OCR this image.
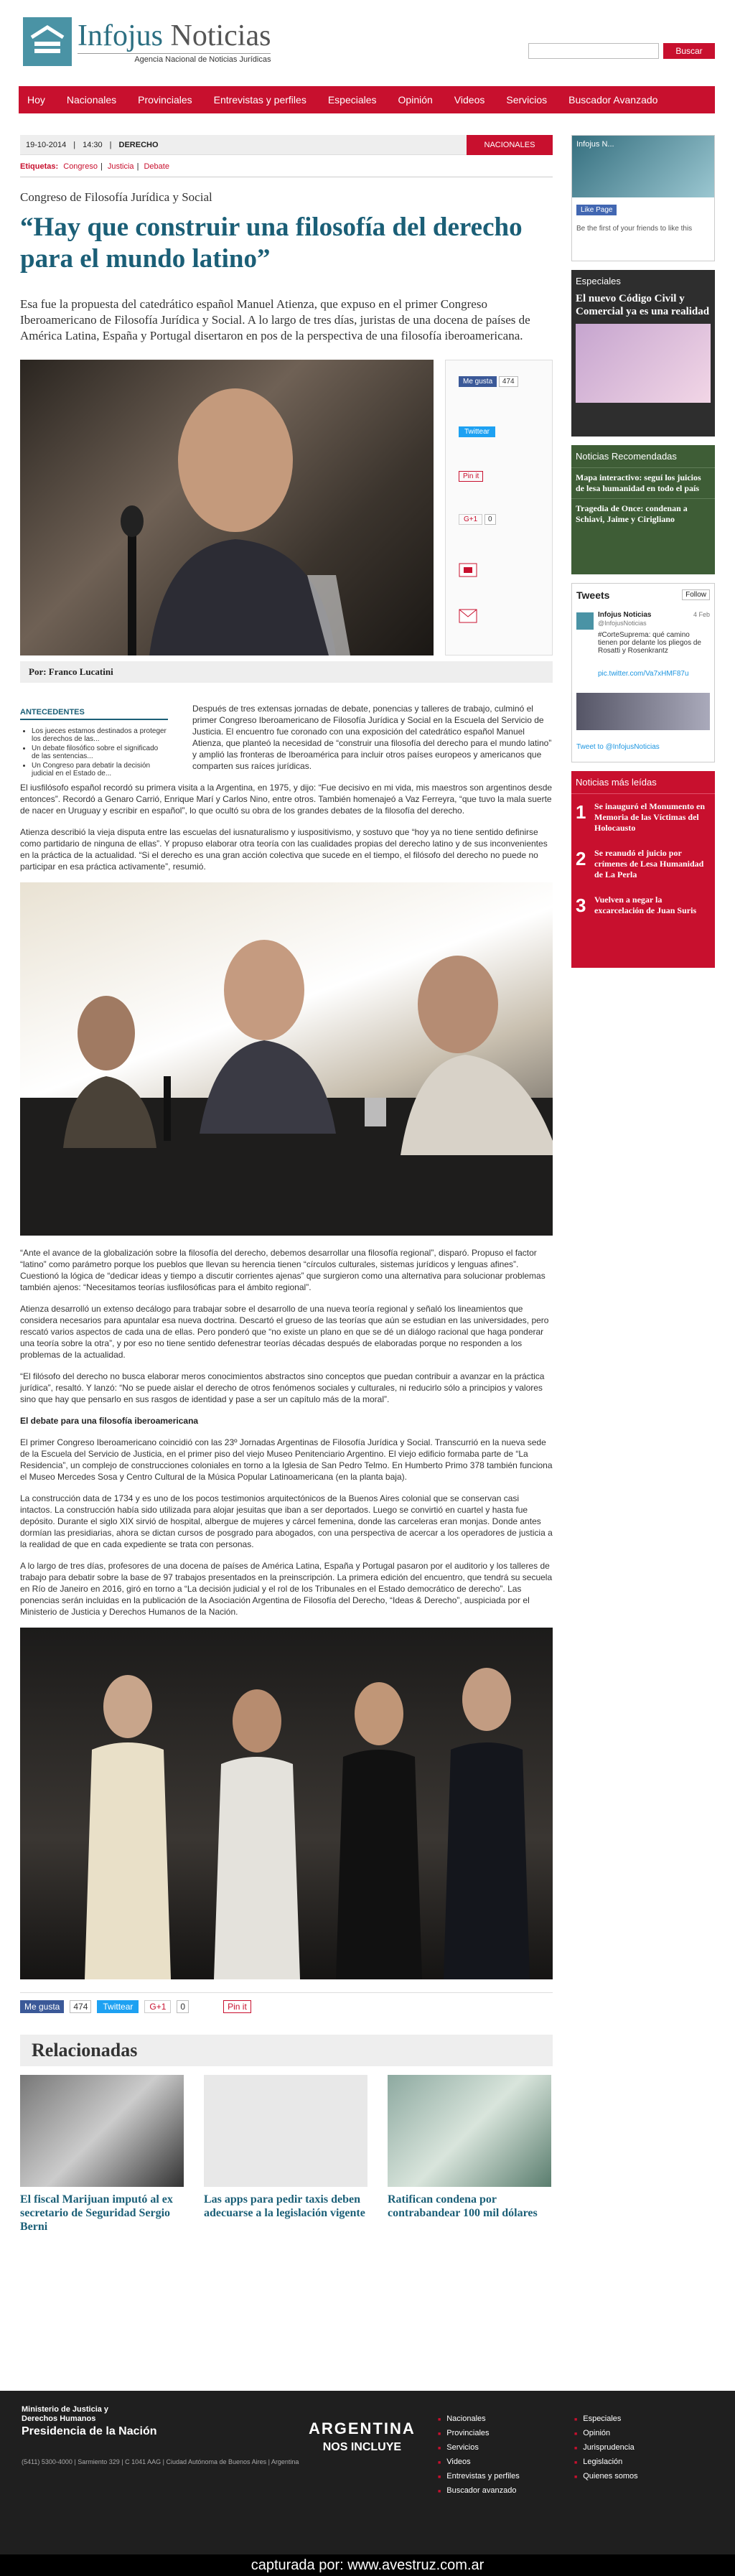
Infojus Noticias
Agencia Nacional de Noticias Jurídicas
Buscar
Hoy Nacionales Provinciales Entrevistas y perfiles Especiales Opinión Videos Servicios Buscador Avanzado
19-10-2014 | 14:30 | DERECHO	NACIONALES
Etiquetas: Congreso | Justicia | Debate
Congreso de Filosofía Jurídica y Social
“Hay que construir una filosofía del derecho para el mundo latino”

Esa fue la propuesta del catedrático español Manuel Atienza, que expuso en el primer Congreso Iberoamericano de Filosofía Jurídica y Social. A lo largo de tres días, juristas de una docena de países de América Latina, España y Portugal disertaron en pos de la perspectiva de una filosofía iberoamericana.

Me gusta 474
Twittear
Pin it
G+1 0
Por: Franco Lucatini
ANTECEDENTES
• Los jueces estamos destinados a proteger los derechos de las...
• Un debate filosófico sobre el significado de las sentencias...
• Un Congreso para debatir la decisión judicial en el Estado de...

Después de tres extensas jornadas de debate, ponencias y talleres de trabajo, culminó el primer Congreso Iberoamericano de Filosofía Jurídica y Social en la Escuela del Servicio de Justicia. El encuentro fue coronado con una exposición del catedrático español Manuel Atienza, que planteó la necesidad de “construir una filosofía del derecho para el mundo latino” y amplió las fronteras de Iberoamérica para incluir otros países europeos y americanos que comparten sus raíces jurídicas.

El iusfilósofo español recordó su primera visita a la Argentina, en 1975, y dijo: “Fue decisivo en mi vida, mis maestros son argentinos desde entonces”. Recordó a Genaro Carrió, Enrique Marí y Carlos Nino, entre otros. También homenajeó a Vaz Ferreyra, “que tuvo la mala suerte de nacer en Uruguay y escribir en español”, lo que ocultó su obra de los grandes debates de la filosofía del derecho.

Atienza describió la vieja disputa entre las escuelas del iusnaturalismo y iuspositivismo, y sostuvo que “hoy ya no tiene sentido definirse como partidario de ninguna de ellas”. Y propuso elaborar otra teoría con las cualidades propias del derecho latino y de sus inconvenientes en la práctica de la actualidad. “Si el derecho es una gran acción colectiva que sucede en el tiempo, el filósofo del derecho no puede no participar en esa práctica activamente”, resumió.

“Ante el avance de la globalización sobre la filosofía del derecho, debemos desarrollar una filosofía regional”, disparó. Propuso el factor “latino” como parámetro porque los pueblos que llevan su herencia tienen “círculos culturales, sistemas jurídicos y lenguas afines”. Cuestionó la lógica de “dedicar ideas y tiempo a discutir corrientes ajenas” que surgieron como una alternativa para solucionar problemas también ajenos: “Necesitamos teorías iusfilosóficas para el ámbito regional”.

Atienza desarrolló un extenso decálogo para trabajar sobre el desarrollo de una nueva teoría regional y señaló los lineamientos que considera necesarios para apuntalar esa nueva doctrina. Descartó el grueso de las teorías que aún se estudian en las universidades, pero rescató varios aspectos de cada una de ellas. Pero ponderó que “no existe un plano en que se dé un diálogo racional que haga ponderar una teoría sobre la otra”, y por eso no tiene sentido defenestrar teorías décadas después de elaboradas porque no responden a los problemas de la actualidad.

“El filósofo del derecho no busca elaborar meros conocimientos abstractos sino conceptos que puedan contribuir a avanzar en la práctica jurídica”, resaltó. Y lanzó: “No se puede aislar el derecho de otros fenómenos sociales y culturales, ni reducirlo sólo a principios y valores sino que hay que pensarlo en sus rasgos de identidad y pase a ser un capítulo más de la moral”.

El debate para una filosofía iberoamericana

El primer Congreso Iberoamericano coincidió con las 23º Jornadas Argentinas de Filosofía Jurídica y Social. Transcurrió en la nueva sede de la Escuela del Servicio de Justicia, en el primer piso del viejo Museo Penitenciario Argentino. El viejo edificio formaba parte de “La Residencia”, un complejo de construcciones coloniales en torno a la Iglesia de San Pedro Telmo. En Humberto Primo 378 también funciona el Museo Mercedes Sosa y Centro Cultural de la Música Popular Latinoamericana (en la planta baja).

La construcción data de 1734 y es uno de los pocos testimonios arquitectónicos de la Buenos Aires colonial que se conservan casi intactos. La construcción había sido utilizada para alojar jesuitas que iban a ser deportados. Luego se convirtió en cuartel y hasta fue depósito. Durante el siglo XIX sirvió de hospital, albergue de mujeres y cárcel femenina, donde las carceleras eran monjas. Donde antes dormían las presidiarias, ahora se dictan cursos de posgrado para abogados, con una perspectiva de acercar a los operadores de justicia a la realidad de que en cada expediente se trata con personas.

A lo largo de tres días, profesores de una docena de países de América Latina, España y Portugal pasaron por el auditorio y los talleres de trabajo para debatir sobre la base de 97 trabajos presentados en la preinscripción. La primera edición del encuentro, que tendrá su secuela en Río de Janeiro en 2016, giró en torno a “La decisión judicial y el rol de los Tribunales en el Estado democrático de derecho”. Las ponencias serán incluidas en la publicación de la Asociación Argentina de Filosofía del Derecho, “Ideas & Derecho”, auspiciada por el Ministerio de Justicia y Derechos Humanos de la Nación.

Me gusta	474	Twittear	G+1	0	Pin it
Relacionadas
El fiscal Marijuan imputó al ex secretario de Seguridad Sergio Berni
Las apps para pedir taxis deben adecuarse a la legislación vigente
Ratifican condena por contrabandear 100 mil dólares
Infojus N...
Like Page
Be the first of your friends to like this
Especiales
El nuevo Código Civil y Comercial ya es una realidad
Noticias Recomendadas
Mapa interactivo: seguí los juicios de lesa humanidad en todo el país
Tragedia de Once: condenan a Schiavi, Jaime y Cirigliano
Tweets	Follow
Infojus Noticias
@InfojusNoticias
4 Feb
#CorteSuprema: qué camino tienen por delante los pliegos de Rosatti y Rosenkrantz
pic.twitter.com/Va7xHMF87u
Tweet to @InfojusNoticias
Noticias más leídas
1 Se inauguró el Monumento en Memoria de las Víctimas del Holocausto
2 Se reanudó el juicio por crímenes de Lesa Humanidad de La Perla
3 Vuelven a negar la excarcelación de Juan Suris
Ministerio de Justicia y Derechos Humanos
Presidencia de la Nación
(5411) 5300-4000 | Sarmiento 329 | C 1041 AAG | Ciudad Autónoma de Buenos Aires | Argentina
ARGENTINA
NOS INCLUYE
■ Nacionales
■ Provinciales
■ Servicios
■ Videos
■ Entrevistas y perfiles
■ Buscador avanzado
■ Especiales
■ Opinión
■ Jurisprudencia
■ Legislación
■ Quienes somos
capturada por: www.avestruz.com.ar
